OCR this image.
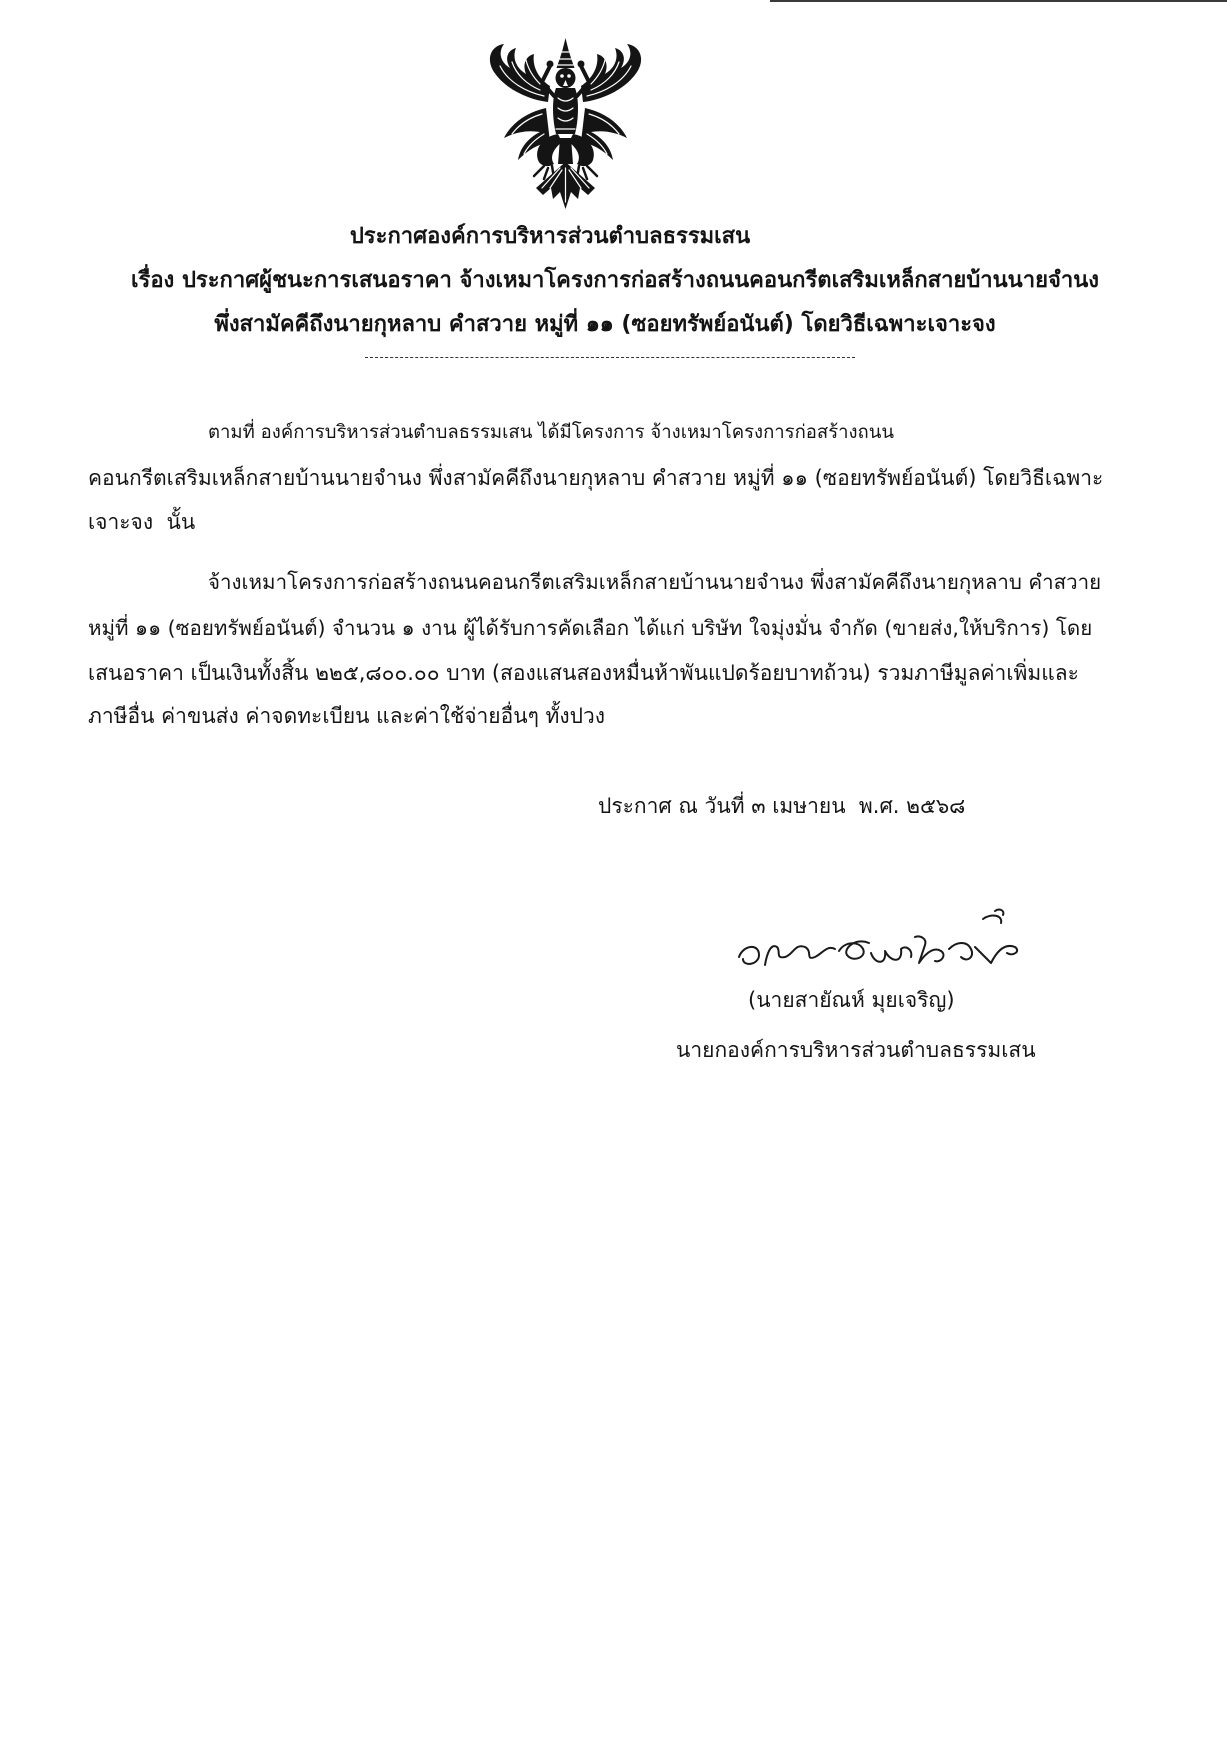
ประกาศองค์การบริหารส่วนตำบลธรรมเสน
เรื่อง ประกาศผู้ชนะการเสนอราคา จ้างเหมาโครงการก่อสร้างถนนคอนกรีตเสริมเหล็กสายบ้านนายจำนง
พึ่งสามัคคีถึงนายกุหลาบ คำสวาย หมู่ที่ ๑๑ (ซอยทรัพย์อนันต์) โดยวิธีเฉพาะเจาะจง
ตามที่ องค์การบริหารส่วนตำบลธรรมเสน ได้มีโครงการ จ้างเหมาโครงการก่อสร้างถนน
คอนกรีตเสริมเหล็กสายบ้านนายจำนง พึ่งสามัคคีถึงนายกุหลาบ คำสวาย หมู่ที่ ๑๑ (ซอยทรัพย์อนันต์) โดยวิธีเฉพาะ
เจาะจง  นั้น
จ้างเหมาโครงการก่อสร้างถนนคอนกรีตเสริมเหล็กสายบ้านนายจำนง พึ่งสามัคคีถึงนายกุหลาบ คำสวาย
หมู่ที่ ๑๑ (ซอยทรัพย์อนันต์) จำนวน ๑ งาน ผู้ได้รับการคัดเลือก ได้แก่ บริษัท ใจมุ่งมั่น จำกัด (ขายส่ง,ให้บริการ) โดย
เสนอราคา เป็นเงินทั้งสิ้น ๒๒๕,๘๐๐.๐๐ บาท (สองแสนสองหมื่นห้าพันแปดร้อยบาทถ้วน) รวมภาษีมูลค่าเพิ่มและ
ภาษีอื่น ค่าขนส่ง ค่าจดทะเบียน และค่าใช้จ่ายอื่นๆ ทั้งปวง
ประกาศ ณ วันที่ ๓ เมษายน  พ.ศ. ๒๕๖๘
(นายสายัณห์ มุยเจริญ)
นายกองค์การบริหารส่วนตำบลธรรมเสน
